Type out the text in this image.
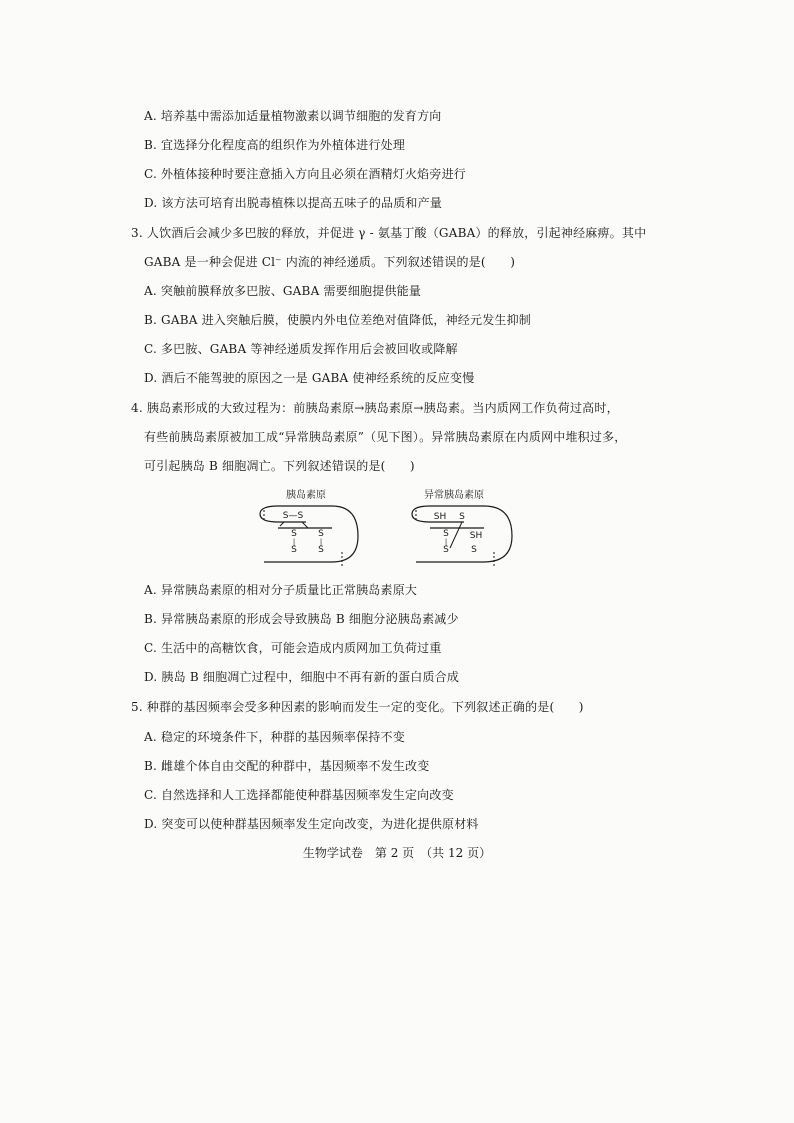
A. 培养基中需添加适量植物激素以调节细胞的发育方向
B. 宜选择分化程度高的组织作为外植体进行处理
C. 外植体接种时要注意插入方向且必须在酒精灯火焰旁进行
D. 该方法可培育出脱毒植株以提高五味子的品质和产量
3. 人饮酒后会减少多巴胺的释放，并促进 γ - 氨基丁酸（GABA）的释放，引起神经麻痹。其中
GABA 是一种会促进 Cl⁻ 内流的神经递质。下列叙述错误的是(　　)
A. 突触前膜释放多巴胺、GABA 需要细胞提供能量
B. GABA 进入突触后膜，使膜内外电位差绝对值降低，神经元发生抑制
C. 多巴胺、GABA 等神经递质发挥作用后会被回收或降解
D. 酒后不能驾驶的原因之一是 GABA 使神经系统的反应变慢
4. 胰岛素形成的大致过程为：前胰岛素原→胰岛素原→胰岛素。当内质网工作负荷过高时，
有些前胰岛素原被加工成“异常胰岛素原”（见下图）。异常胰岛素原在内质网中堆积过多，
可引起胰岛 B 细胞凋亡。下列叙述错误的是(　　)
胰岛素原
S—S
S
|
S
S
|
S
异常胰岛素原
SH S
S
|
S
SH
S
A. 异常胰岛素原的相对分子质量比正常胰岛素原大
B. 异常胰岛素原的形成会导致胰岛 B 细胞分泌胰岛素减少
C. 生活中的高糖饮食，可能会造成内质网加工负荷过重
D. 胰岛 B 细胞凋亡过程中，细胞中不再有新的蛋白质合成
5. 种群的基因频率会受多种因素的影响而发生一定的变化。下列叙述正确的是(　　)
A. 稳定的环境条件下，种群的基因频率保持不变
B. 雌雄个体自由交配的种群中，基因频率不发生改变
C. 自然选择和人工选择都能使种群基因频率发生定向改变
D. 突变可以使种群基因频率发生定向改变，为进化提供原材料
生物学试卷　第 2 页　（共 12 页）
